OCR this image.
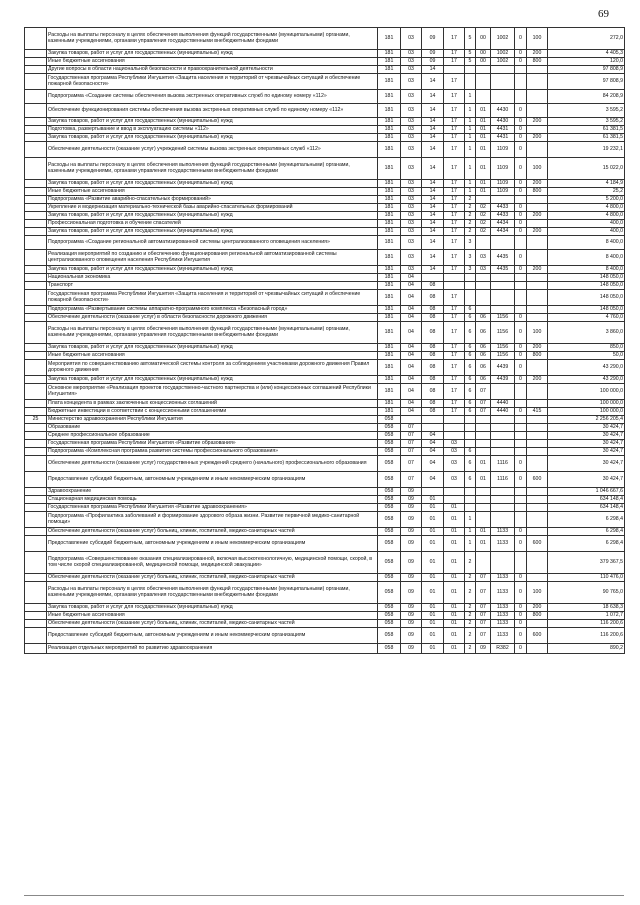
69
	Расходы на выплаты персоналу в целях обеспечения выполнения функций государственными (муниципальными) органами, казенными учреждениями, органами управления государственными внебюджетными фондами	181	03	09	17	5	00	1002	0	100	272,0
	Закупка товаров, работ и услуг для государственных (муниципальных) нужд	181	03	09	17	5	00	1002	0	200	4 405,3
	Иные бюджетные ассигнования	181	03	09	17	5	00	1002	0	800	120,0
	Другие вопросы в области национальной безопасности и правоохранительной деятельности	181	03	14							97 808,9
	Государственная программа Республики Ингушетия «Защита населения и территорий от чрезвычайных ситуаций и обеспечение пожарной безопасности»	181	03	14	17						97 808,9
	Подпрограмма «Создание системы обеспечения вызова экстренных оперативных служб по единому номеру «112»	181	03	14	17	1					84 208,9
	Обеспечение функционирования системы обеспечения вызова экстренных оперативных служб по единому номеру «112»	181	03	14	17	1	01	4430	0		3 595,2
	Закупка товаров, работ и услуг для государственных (муниципальных) нужд	181	03	14	17	1	01	4430	0	200	3 595,2
	Подготовка, развертывание и ввод в эксплуатацию системы «112»	181	03	14	17	1	01	4431	0		61 381,5
	Закупка товаров, работ и услуг для государственных (муниципальных) нужд	181	03	14	17	1	01	4431	0	200	61 381,5
	Обеспечение деятельности (оказание услуг) учреждений системы вызова экстренных оперативных служб «112»	181	03	14	17	1	01	1109	0		19 232,1
	Расходы на выплаты персоналу в целях обеспечения выполнения функций государственными (муниципальными) органами, казенными учреждениями, органами управления государственными внебюджетными фондами	181	03	14	17	1	01	1109	0	100	15 022,0
	Закупка товаров, работ и услуг для государственных (муниципальных) нужд	181	03	14	17	1	01	1109	0	200	4 184,9
	Иные бюджетные ассигнования	181	03	14	17	1	01	1109	0	800	25,2
	Подпрограмма «Развитие аварийно-спасательных формирований»	181	03	14	17	2					5 200,0
	Укрепление и модернизация материально-технической базы аварийно-спасательных формирований	181	03	14	17	2	02	4433	0		4 800,0
	Закупка товаров, работ и услуг для государственных (муниципальных) нужд	181	03	14	17	2	02	4433	0	200	4 800,0
	Профессиональная подготовка и обучение спасателей	181	03	14	17	2	02	4434	0		400,0
	Закупка товаров, работ и услуг для государственных (муниципальных) нужд	181	03	14	17	2	02	4434	0	200	400,0
	Подпрограмма «Создание региональной автоматизированной системы централизованного оповещения населения»	181	03	14	17	3					8 400,0
	Реализация мероприятий по созданию и обеспечению функционирования региональной автоматизированной системы централизованного оповещения населения Республики Ингушетия	181	03	14	17	3	03	4435	0		8 400,0
	Закупка товаров, работ и услуг для государственных (муниципальных) нужд	181	03	14	17	3	03	4435	0	200	8 400,0
	Национальная экономика	181	04								148 050,0
	Транспорт	181	04	08							148 050,0
	Государственная программа Республики Ингушетия «Защита населения и территорий от чрезвычайных ситуаций и обеспечение пожарной безопасности»	181	04	08	17						148 050,0
	Подпрограмма «Развертывание системы аппаратно-программного комплекса «Безопасный город»	181	04	08	17	6					148 050,0
	Обеспечение деятельности (оказание услуг) в области безопасности дорожного движения	181	04	08	17	6	06	1156	0		4 760,0
	Расходы на выплаты персоналу в целях обеспечения выполнения функций государственными (муниципальными) органами, казенными учреждениями, органами управления государственными внебюджетными фондами	181	04	08	17	6	06	1156	0	100	3 860,0
	Закупка товаров, работ и услуг для государственных (муниципальных) нужд	181	04	08	17	6	06	1156	0	200	850,0
	Иные бюджетные ассигнования	181	04	08	17	6	06	1156	0	800	50,0
	Мероприятия по совершенствованию автоматической системы контроля за соблюдением участниками дорожного движения Правил дорожного движения	181	04	08	17	6	06	4439	0		43 290,0
	Закупка товаров, работ и услуг для государственных (муниципальных) нужд	181	04	08	17	6	06	4439	0	200	43 290,0
	Основное мероприятие «Реализация проектов государственно-частного партнерства и (или) концессионных соглашений Республики Ингушетия»	181	04	08	17	6	07				100 000,0
	Плата концедента в рамках заключенных концессионных соглашений	181	04	08	17	6	07	4440			100 000,0
	Бюджетные инвестиции в соответствии с концессионными соглашениями	181	04	08	17	6	07	4440	0	415	100 000,0
25	Министерство здравоохранения Республики Ингушетия	058									2 256 205,4
	Образование	058	07								30 424,7
	Среднее профессиональное образование	058	07	04							30 424,7
	Государственная программа Республики Ингушетия «Развитие образования»	058	07	04	03						30 424,7
	Подпрограмма «Комплексная программа развития системы профессионального образования»	058	07	04	03	6					30 424,7
	Обеспечение деятельности (оказание услуг) государственных учреждений среднего (начального) профессионального образования	058	07	04	03	6	01	1116	0		30 424,7
	Предоставление субсидий бюджетным, автономным учреждениям и иным некоммерческим организациям	058	07	04	03	6	01	1116	0	600	30 424,7
	Здравоохранение	058	09								1 046 667,6
	Стационарная медицинская помощь	058	09	01							634 148,4
	Государственная программа Республики Ингушетия «Развитие здравоохранения»	058	09	01	01						634 148,4
	Подпрограмма «Профилактика заболеваний и формирование здорового образа жизни. Развитие первичной медико-санитарной помощи»	058	09	01	01	1					6 298,4
	Обеспечение деятельности (оказание услуг) больниц, клиник, госпиталей, медико-санитарных частей	058	09	01	01	1	01	1133	0		6 298,4
	Предоставление субсидий бюджетным, автономным учреждениям и иным некоммерческим организациям	058	09	01	01	1	01	1133	0	600	6 298,4
	Подпрограмма «Совершенствование оказания специализированной, включая высокотехнологичную, медицинской помощи, скорой, в том числе скорой специализированной, медицинской помощи, медицинской эвакуации»	058	09	01	01	2					379 367,5
	Обеспечение деятельности (оказание услуг) больниц, клиник, госпиталей, медико-санитарных частей	058	09	01	01	2	07	1133	0		110 476,0
	Расходы на выплаты персоналу в целях обеспечения выполнения функций государственными (муниципальными) органами, казенными учреждениями, органами управления государственными внебюджетными фондами	058	09	01	01	2	07	1133	0	100	90 765,0
	Закупка товаров, работ и услуг для государственных (муниципальных) нужд	058	09	01	01	2	07	1133	0	200	18 638,3
	Иные бюджетные ассигнования	058	09	01	01	2	07	1133	0	800	1 072,7
	Обеспечение деятельности (оказание услуг) больниц, клиник, госпиталей, медико-санитарных частей	058	09	01	01	2	07	1133	0		116 200,6
	Предоставление субсидий бюджетным, автономным учреждениям и иным некоммерческим организациям	058	09	01	01	2	07	1133	0	600	116 200,6
	Реализация отдельных мероприятий по развитию здравоохранения	058	09	01	01	2	09	R382	0		890,2
